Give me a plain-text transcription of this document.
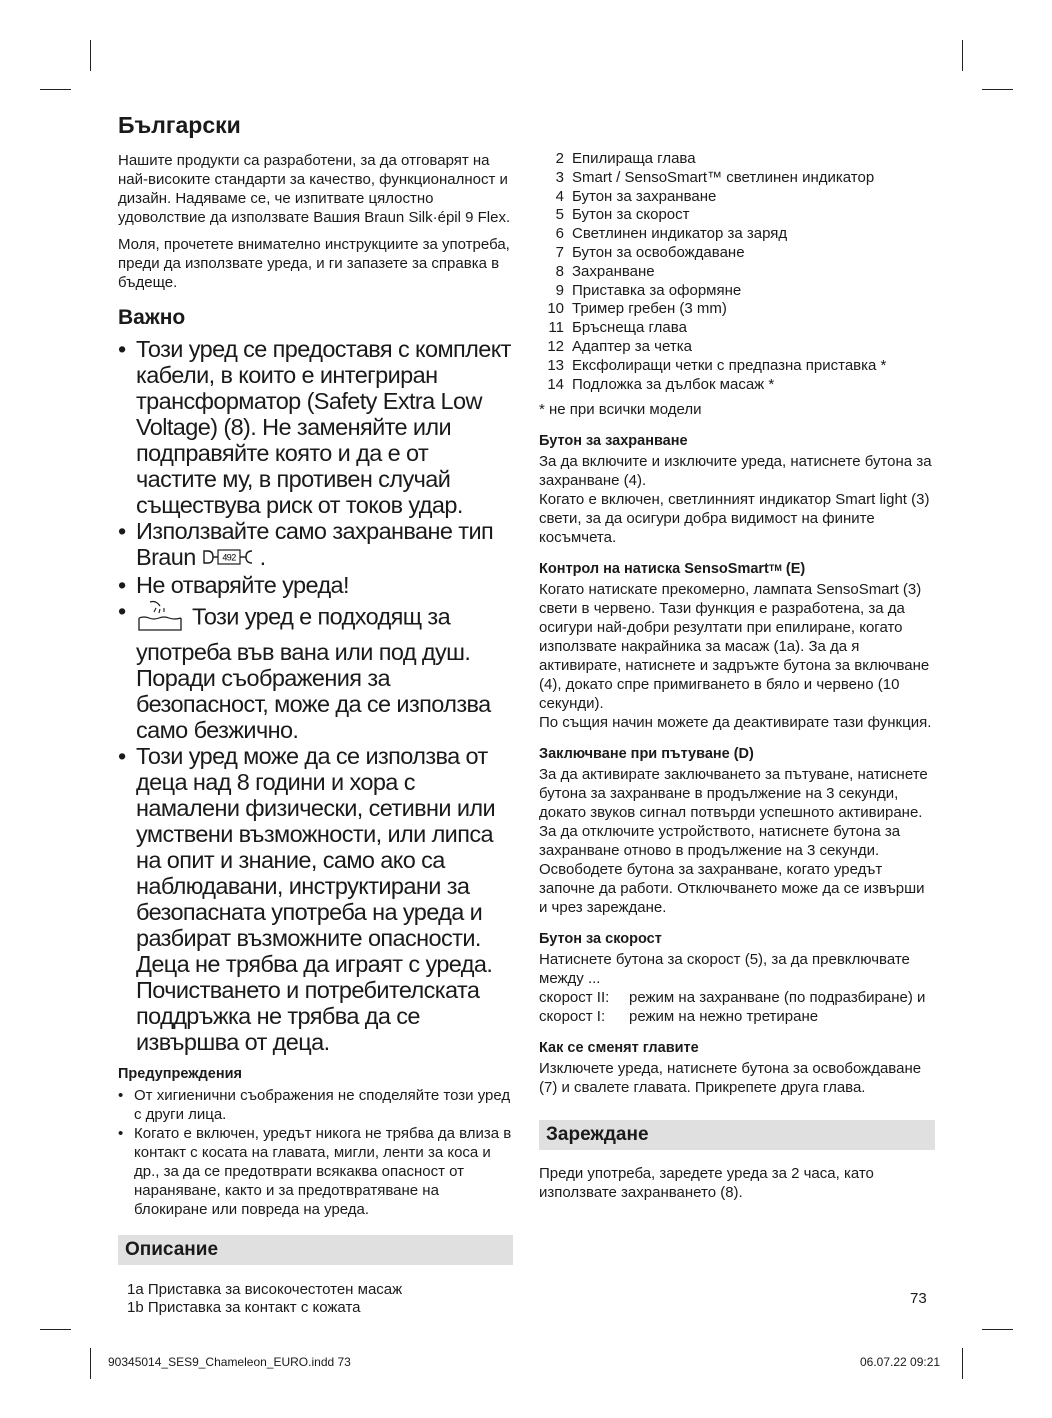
Български

Нашите продукти са разработени, за да отговарят на най-високите стандарти за качество, функционалност и дизайн. Надяваме се, че изпитвате цялостно удоволствие да използвате Вашия Braun Silk·épil 9 Flex.

Моля, прочетете внимателно инструкциите за употреба, преди да използвате уреда, и ги запазете за справка в бъдеще.

Важно

• Този уред се предоставя с комплект кабели, в които е интегриран трансформатор (Safety Extra Low Voltage) (8). Не заменяйте или подправяйте която и да е от частите му, в противен случай съществува риск от токов удар.

• Използвайте само захранване тип Braun	492 .

• Не отваряйте уреда!

•	Този уред е подходящ за употреба във вана или под душ. Поради съображения за безопасност, може да се използва само безжично.

• Този уред може да се използва от деца над 8 години и хора с намалени физически, сетивни или умствени възможности, или липса на опит и знание, само ако са наблюдавани, инструктирани за безопасната употреба на уреда и разбират възможните опасности. Деца не трябва да играят с уреда. Почистването и потребителската поддръжка не трябва да се извършва от деца.

Предупреждения

• От хигиенични съображения не споделяйте този уред с други лица.

• Когато е включен, уредът никога не трябва да влиза в контакт с косата на главата, мигли, ленти за коса и др., за да се предотврати всякаква опасност от нараняване, както и за предотвратяване на блокиране или повреда на уреда.

Описание
1a Приставка за високочестотен масаж
1b Приставка за контакт с кожата
2 Епилираща глава
3 Smart / SensoSmart™ светлинен индикатор
4 Бутон за захранване
5 Бутон за скорост
6 Светлинен индикатор за заряд
7 Бутон за освобождаване
8 Захранване
9 Приставка за оформяне
10 Тример гребен (3 mm)
11 Бръснеща глава
12 Адаптер за четка
13 Ексфолиращи четки с предпазна приставка *
14 Подложка за дълбок масаж *
* не при всички модели
Бутон за захранване

За да включите и изключите уреда, натиснете бутона за захранване (4).
Когато е включен, светлинният индикатор Smart light (3) свети, за да осигури добра видимост на фините косъмчета.

Контрол на натиска SensoSmart™ (E)

Когато натискате прекомерно, лампата SensoSmart (3) свети в червено. Тази функция е разработена, за да осигури най-добри резултати при епилиране, когато използвате накрайника за масаж (1a). За да я активирате, натиснете и задръжте бутона за включване (4), докато спре примигването в бяло и червено (10 секунди).
По същия начин можете да деактивирате тази функция.

Заключване при пътуване (D)

За да активирате заключването за пътуване, натиснете бутона за захранване в продължение на 3 секунди, докато звуков сигнал потвърди успешното активиране. За да отключите устройството, натиснете бутона за захранване отново в продължение на 3 секунди. Освободете бутона за захранване, когато уредът започне да работи. Отключването може да се извърши и чрез зареждане.

Бутон за скорост

Натиснете бутона за скорост (5), за да превключвате между ...

скорост II:	режим на захранване (по подразбиране) и
скорост I:	режим на нежно третиране
Как се сменят главите

Изключете уреда, натиснете бутона за освобождаване (7) и свалете главата. Прикрепете друга глава.

Зареждане

Преди употреба, заредете уреда за 2 часа, като използвате захранването (8).

73
90345014_SES9_Chameleon_EURO.indd 73	06.07.22 09:21
